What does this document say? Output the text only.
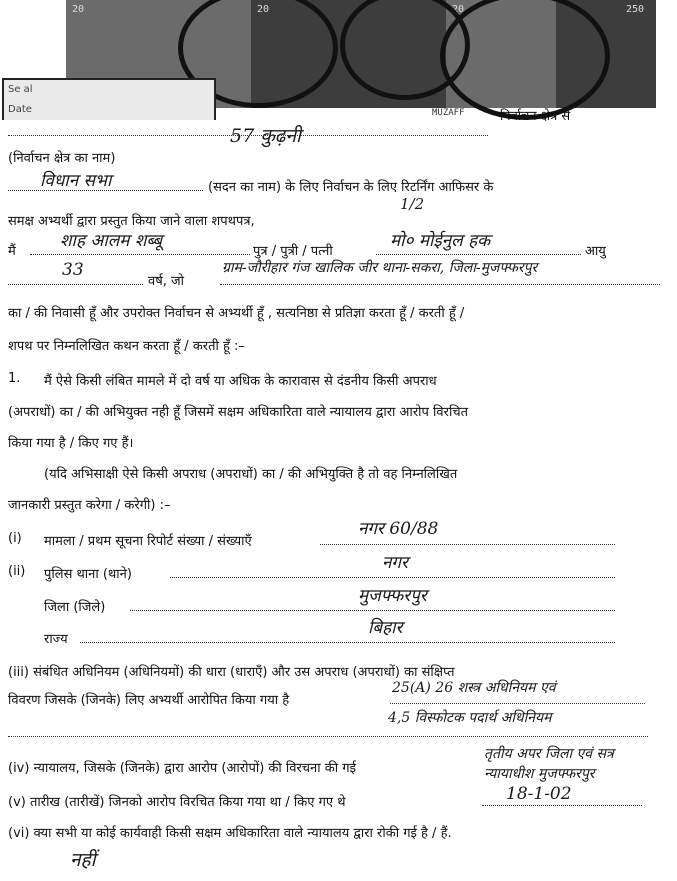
20	20	20	250
Se al
Date	MUZAFF	निर्वाचन क्षेत्र से
57 कुढ़नी
(निर्वाचन क्षेत्र का नाम)
विधान सभा	(सदन का नाम) के लिए निर्वाचन के लिए रिटर्निंग आफिसर के
समक्ष अभ्यर्थी द्वारा प्रस्तुत किया जाने वाला शपथपत्र,
1/2
मैं
शाह आलम शब्बू
पुत्र / पुत्री / पत्नी
मो० मोईनुल हक
आयु
33
वर्ष, जो
ग्राम-जौरीहार गंज खालिक जीर थाना-सकरा, जिला-मुजफ्फरपुर
का / की निवासी हूँ और उपरोक्त निर्वाचन से अभ्यर्थी हूँ , सत्यनिष्ठा से प्रतिज्ञा करता हूँ / करती हूँ /
शपथ पर निम्नलिखित कथन करता हूँ / करती हूँ :–
1. मैं ऐसे किसी लंबित मामले में दो वर्ष या अधिक के कारावास से दंडनीय किसी अपराध
(अपराधों) का / की अभियुक्त नही हूँ जिसमें सक्षम अधिकारिता वाले न्यायालय द्वारा आरोप विरचित
किया गया है / किए गए हैं।
(यदि अभिसाक्षी ऐसे किसी अपराध (अपराधों) का / की अभियुक्ति है तो वह निम्नलिखित
जानकारी प्रस्तुत करेगा / करेगी) :–
(i) मामला / प्रथम सूचना रिपोर्ट संख्या / संख्याएँ
नगर 60/88
(ii) पुलिस थाना (थाने)
नगर
जिला (जिले)
मुजफ्फरपुर
राज्य
बिहार
(iii) संबंधित अधिनियम (अधिनियमों) की धारा (धाराएँ) और उस अपराध (अपराधों) का संक्षिप्त
विवरण जिसके (जिनके) लिए अभ्यर्थी आरोपित किया गया है
25(A) 26 शस्त्र अधिनियम एवं
4,5 विस्फोटक पदार्थ अधिनियम
(iv) न्यायालय, जिसके (जिनके) द्वारा आरोप (आरोपों) की विरचना की गई
तृतीय अपर जिला एवं सत्र
न्यायाधीश मुजफ्फरपुर
(v) तारीख (तारीखें) जिनको आरोप विरचित किया गया था / किए गए थे	18-1-02
(vi) क्या सभी या कोई कार्यवाही किसी सक्षम अधिकारिता वाले न्यायालय द्वारा रोकी गई है / हैं.
नहीं
